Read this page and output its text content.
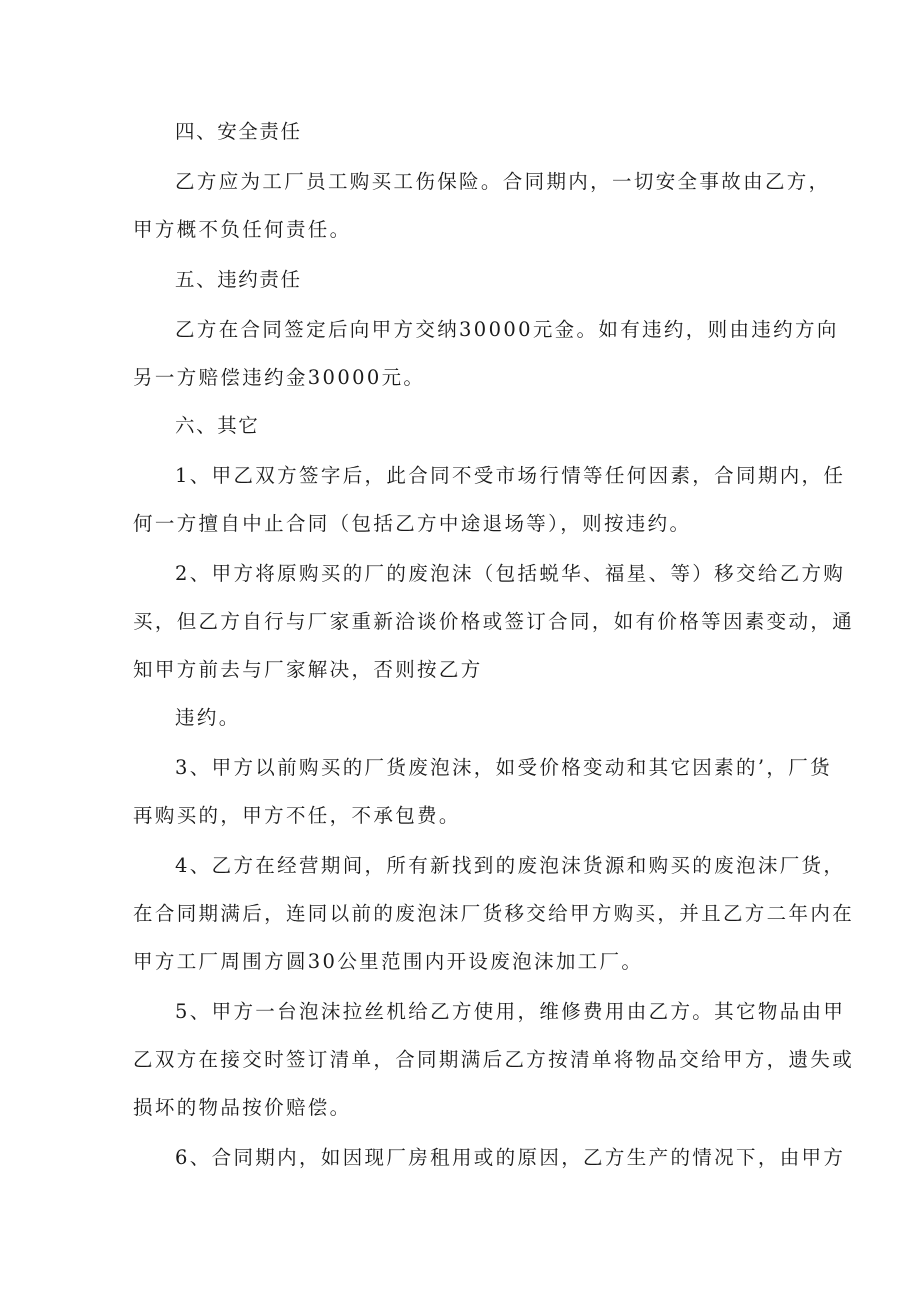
四、安全责任
乙方应为工厂员工购买工伤保险。合同期内，一切安全事故由乙方，
甲方概不负任何责任。
五、违约责任
乙方在合同签定后向甲方交纳30000元金。如有违约，则由违约方向
另一方赔偿违约金30000元。
六、其它
1、甲乙双方签字后，此合同不受市场行情等任何因素，合同期内，任
何一方擅自中止合同（包括乙方中途退场等），则按违约。
2、甲方将原购买的厂的废泡沫（包括蜕华、福星、等）移交给乙方购
买，但乙方自行与厂家重新洽谈价格或签订合同，如有价格等因素变动，通
知甲方前去与厂家解决，否则按乙方
违约。
3、甲方以前购买的厂货废泡沫，如受价格变动和其它因素的’，厂货
再购买的，甲方不任，不承包费。
4、乙方在经营期间，所有新找到的废泡沫货源和购买的废泡沫厂货，
在合同期满后，连同以前的废泡沫厂货移交给甲方购买，并且乙方二年内在
甲方工厂周围方圆30公里范围内开设废泡沫加工厂。
5、甲方一台泡沫拉丝机给乙方使用，维修费用由乙方。其它物品由甲
乙双方在接交时签订清单，合同期满后乙方按清单将物品交给甲方，遗失或
损坏的物品按价赔偿。
6、合同期内，如因现厂房租用或的原因，乙方生产的情况下，由甲方
